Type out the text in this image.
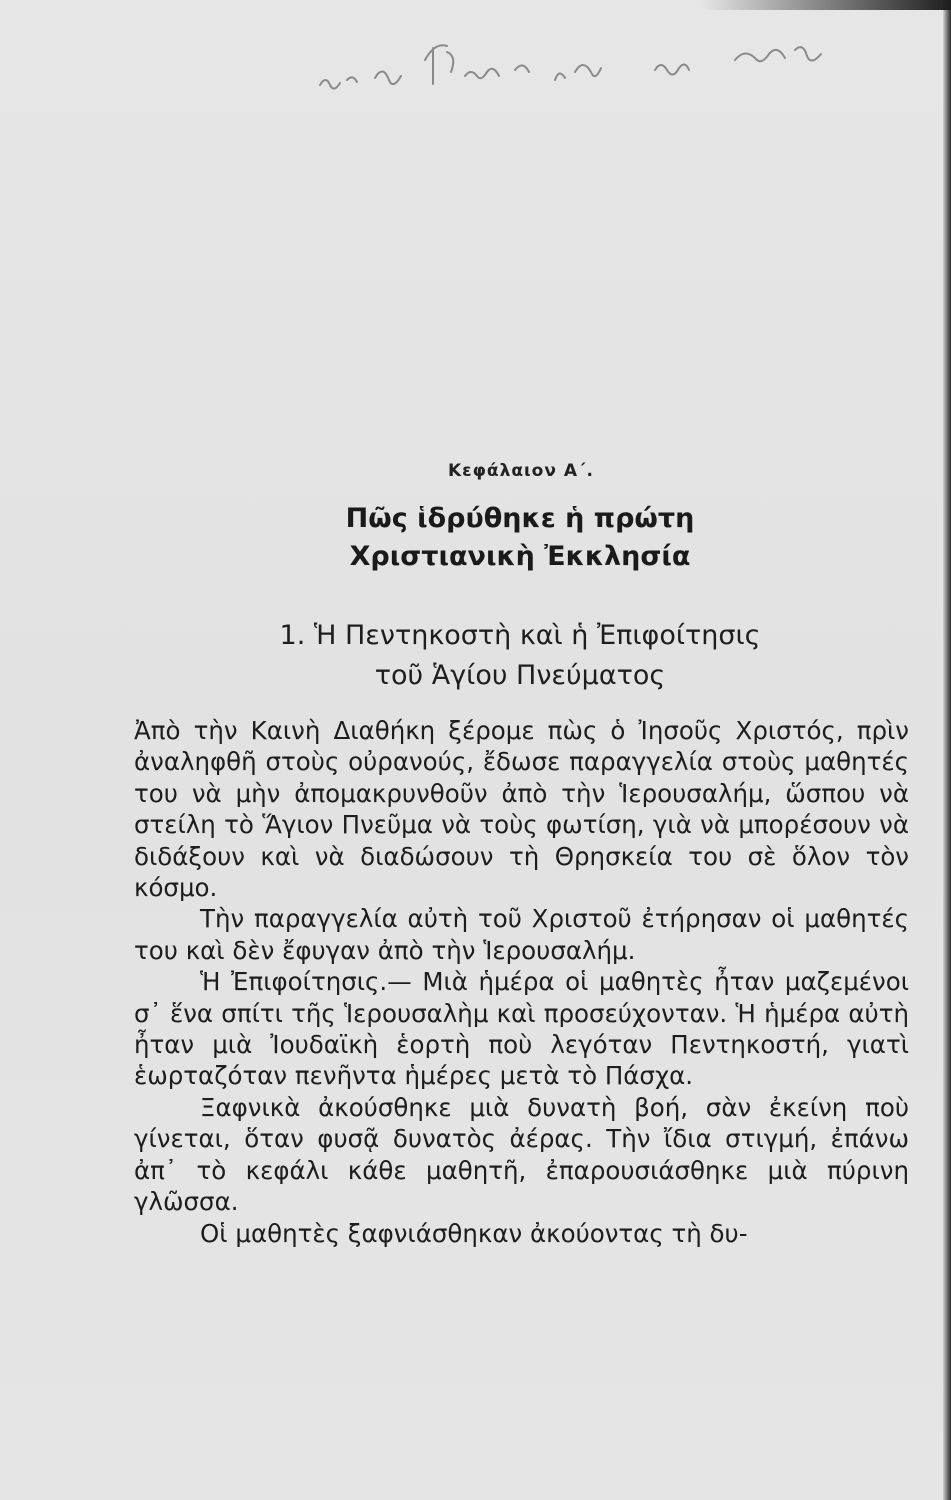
Κεφάλαιον Α΄.
Πῶς ἱδρύθηκε ἡ πρώτη
Χριστιανικὴ Ἐκκλησία
1. Ἡ Πεντηκοστὴ καὶ ἡ Ἐπιφοίτησις
τοῦ Ἁγίου Πνεύματος

Ἀπὸ τὴν Καινὴ Διαθήκη ξέρομε πὼς ὁ Ἰησοῦς Χριστός, πρὶν ἀναληφθῆ στοὺς οὐρανούς, ἔδωσε παραγγελία στοὺς μαθητές του νὰ μὴν ἀπομακρυνθοῦν ἀπὸ τὴν Ἱερουσαλήμ, ὥσπου νὰ στείλη τὸ Ἅγιον Πνεῦμα νὰ τοὺς φωτίση, γιὰ νὰ μπορέσουν νὰ διδάξουν καὶ νὰ διαδώσουν τὴ Θρησκεία του σὲ ὅλον τὸν κόσμο.

Τὴν παραγγελία αὐτὴ τοῦ Χριστοῦ ἐτήρησαν οἱ μαθητές του καὶ δὲν ἔφυγαν ἀπὸ τὴν Ἱερουσαλήμ.

Ἡ Ἐπιφοίτησις.— Μιὰ ἡμέρα οἱ μαθητὲς ἦταν μαζεμένοι σ᾿ ἕνα σπίτι τῆς Ἱερουσαλὴμ καὶ προσεύχονταν. Ἡ ἡμέρα αὐτὴ ἦταν μιὰ Ἰουδαϊκὴ ἑορτὴ ποὺ λεγόταν Πεντηκοστή, γιατὶ ἑωρταζόταν πενῆντα ἡμέρες μετὰ τὸ Πάσχα.

Ξαφνικὰ ἀκούσθηκε μιὰ δυνατὴ βοή, σὰν ἐκείνη ποὺ γίνεται, ὅταν φυσᾷ δυνατὸς ἀέρας. Τὴν ἴδια στιγμή, ἐπάνω ἀπ᾿ τὸ κεφάλι κάθε μαθητῆ, ἐπαρουσιάσθηκε μιὰ πύρινη γλῶσσα.

Οἱ μαθητὲς ξαφνιάσθηκαν ἀκούοντας τὴ δυ-
